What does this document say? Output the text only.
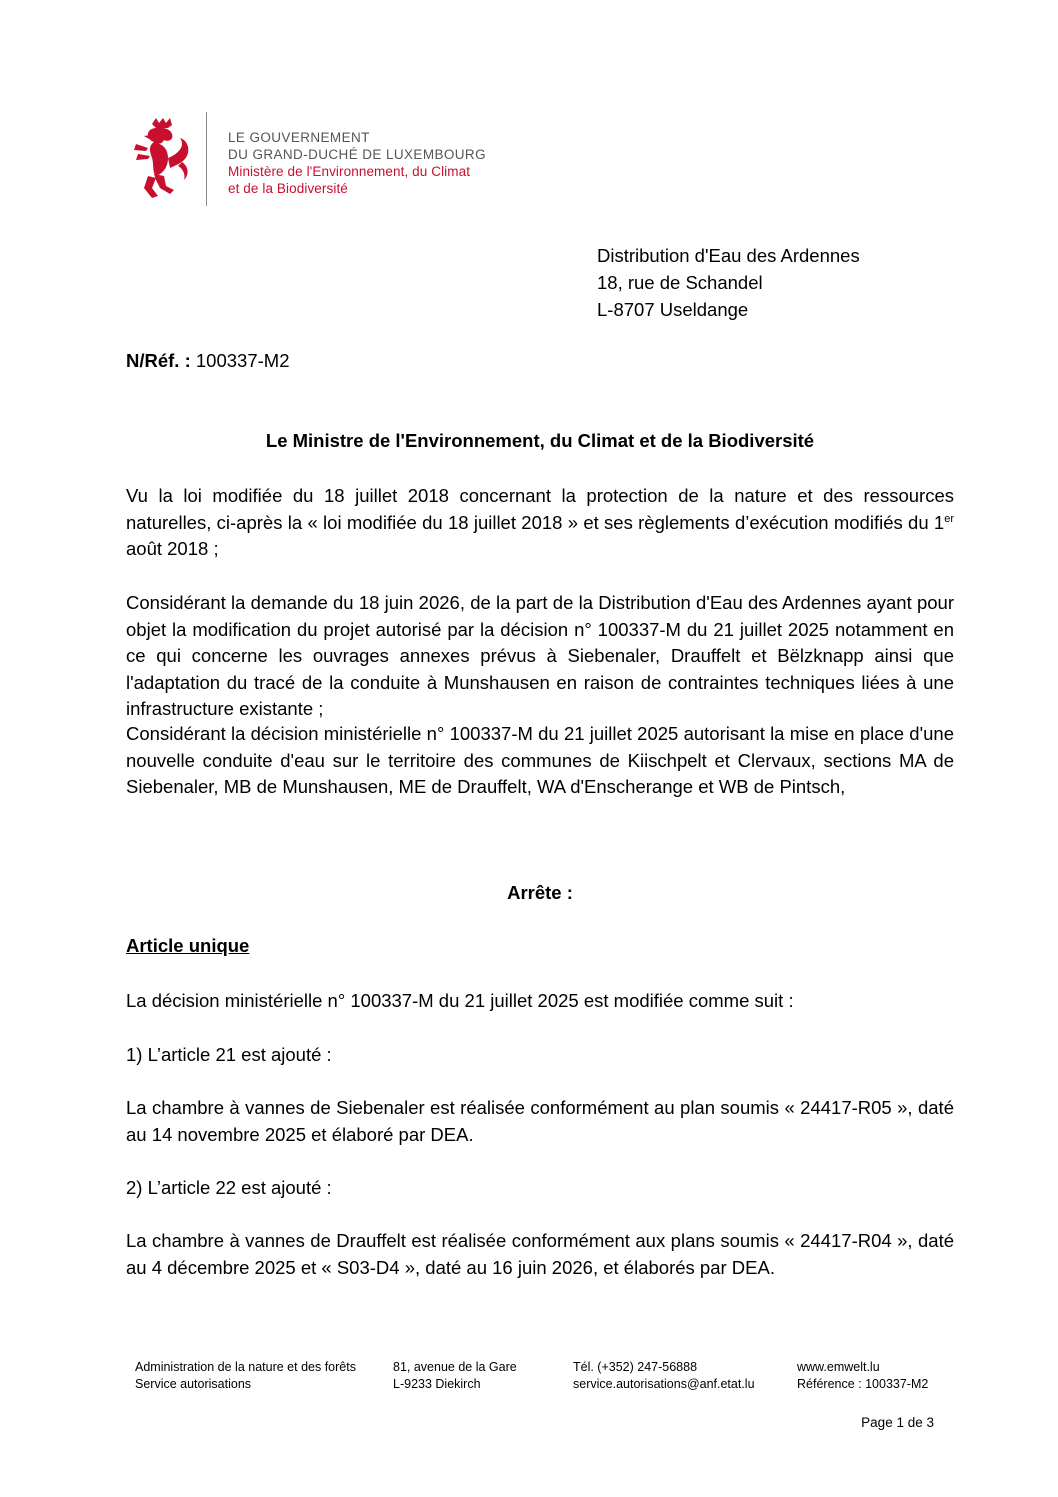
LE GOUVERNEMENT
DU GRAND-DUCHÉ DE LUXEMBOURG
Ministère de l'Environnement, du Climat
et de la Biodiversité
Distribution d'Eau des Ardennes
18, rue de Schandel
L-8707 Useldange
N/Réf. : 100337-M2
Le Ministre de l'Environnement, du Climat et de la Biodiversité

Vu la loi modifiée du 18 juillet 2018 concernant la protection de la nature et des ressources naturelles, ci-après la « loi modifiée du 18 juillet 2018 » et ses règlements d’exécution modifiés du 1er août 2018 ;

Considérant la demande du 18 juin 2026, de la part de la Distribution d'Eau des Ardennes ayant pour objet la modification du projet autorisé par la décision n° 100337-M du 21 juillet 2025 notamment en ce qui concerne les ouvrages annexes prévus à Siebenaler, Drauffelt et Bëlzknapp ainsi que l'adaptation du tracé de la conduite à Munshausen en raison de contraintes techniques liées à une infrastructure existante ;

Considérant la décision ministérielle n° 100337-M du 21 juillet 2025 autorisant la mise en place d'une nouvelle conduite d'eau sur le territoire des communes de Kiischpelt et Clervaux, sections MA de Siebenaler, MB de Munshausen, ME de Drauffelt, WA d'Enscherange et WB de Pintsch,

Arrête :
Article unique

La décision ministérielle n° 100337-M du 21 juillet 2025 est modifiée comme suit :

1) L’article 21 est ajouté :

La chambre à vannes de Siebenaler est réalisée conformément au plan soumis « 24417-R05 », daté au 14 novembre 2025 et élaboré par DEA.

2) L’article 22 est ajouté :

La chambre à vannes de Drauffelt est réalisée conformément aux plans soumis « 24417-R04 », daté au 4 décembre 2025 et « S03-D4 », daté au 16 juin 2026, et élaborés par DEA.

Administration de la nature et des forêts
Service autorisations
81, avenue de la Gare
L-9233 Diekirch
Tél. (+352) 247-56888
service.autorisations@anf.etat.lu
www.emwelt.lu
Référence : 100337-M2
Page 1 de 3
